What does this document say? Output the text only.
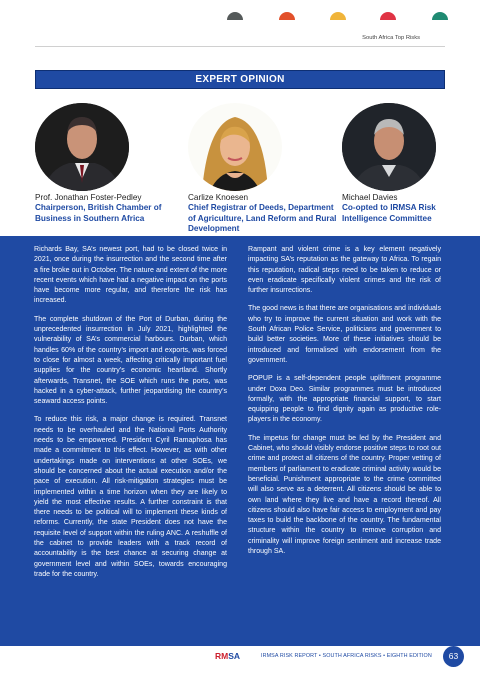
South Africa Top Risks
EXPERT OPINION
Prof. Jonathan Foster-Pedley
Chairperson, British Chamber of Business in Southern Africa
Carlize Knoesen
Chief Registrar of Deeds, Department of Agriculture, Land Reform and Rural Development
Michael Davies
Co-opted to IRMSA Risk Intelligence Committee

Richards Bay, SA’s newest port, had to be closed twice in 2021, once during the insurrection and the second time after a fire broke out in October. The nature and extent of the more recent events which have had a negative impact on the ports have become more regular, and therefore the risk has increased.

The complete shutdown of the Port of Durban, during the unprecedented insurrection in July 2021, highlighted the vulnerability of SA’s commercial harbours. Durban, which handles 60% of the country’s import and exports, was forced to close for almost a week, affecting critically important fuel supplies for the country’s economic heartland. Shortly afterwards, Transnet, the SOE which runs the ports, was hacked in a cyber-attack, further jeopardising the country’s seaward access points.

To reduce this risk, a major change is required. Transnet needs to be overhauled and the National Ports Authority needs to be empowered. President Cyril Ramaphosa has made a commitment to this effect. However, as with other undertakings made on interventions at other SOEs, we should be concerned about the actual execution and/or the pace of execution. All risk-mitigation strategies must be implemented within a time horizon when they are likely to yield the most effective results. A further constraint is that there needs to be political will to implement these kinds of reforms. Currently, the state President does not have the requisite level of support within the ruling ANC. A reshuffle of the cabinet to provide leaders with a track record of accountability is the best chance at securing change at government level and within SOEs, towards encouraging trade for the country.

Rampant and violent crime is a key element negatively impacting SA’s reputation as the gateway to Africa. To regain this reputation, radical steps need to be taken to reduce or even eradicate specifically violent crimes and the risk of further insurrections.

The good news is that there are organisations and individuals who try to improve the current situation and work with the South African Police Service, politicians and government to build better societies. More of these initiatives should be introduced and formalised with endorsement from the government.

POPUP is a self-dependent people upliftment programme under Doxa Deo. Similar programmes must be introduced formally, with the appropriate financial support, to start equipping people to find dignity again as productive role-players in the economy.

The impetus for change must be led by the President and Cabinet, who should visibly endorse positive steps to root out crime and protect all citizens of the country. Proper vetting of members of parliament to eradicate criminal activity would be beneficial. Punishment appropriate to the crime committed will also serve as a deterrent. All citizens should be able to own land where they live and have a record thereof. All citizens should also have fair access to employment and pay taxes to build the backbone of the country. The fundamental structure within the country to remove corruption and criminality will improve foreign sentiment and increase trade through SA.

RMSA	IRMSA RISK REPORT • SOUTH AFRICA RISKS • EIGHTH EDITION	63
